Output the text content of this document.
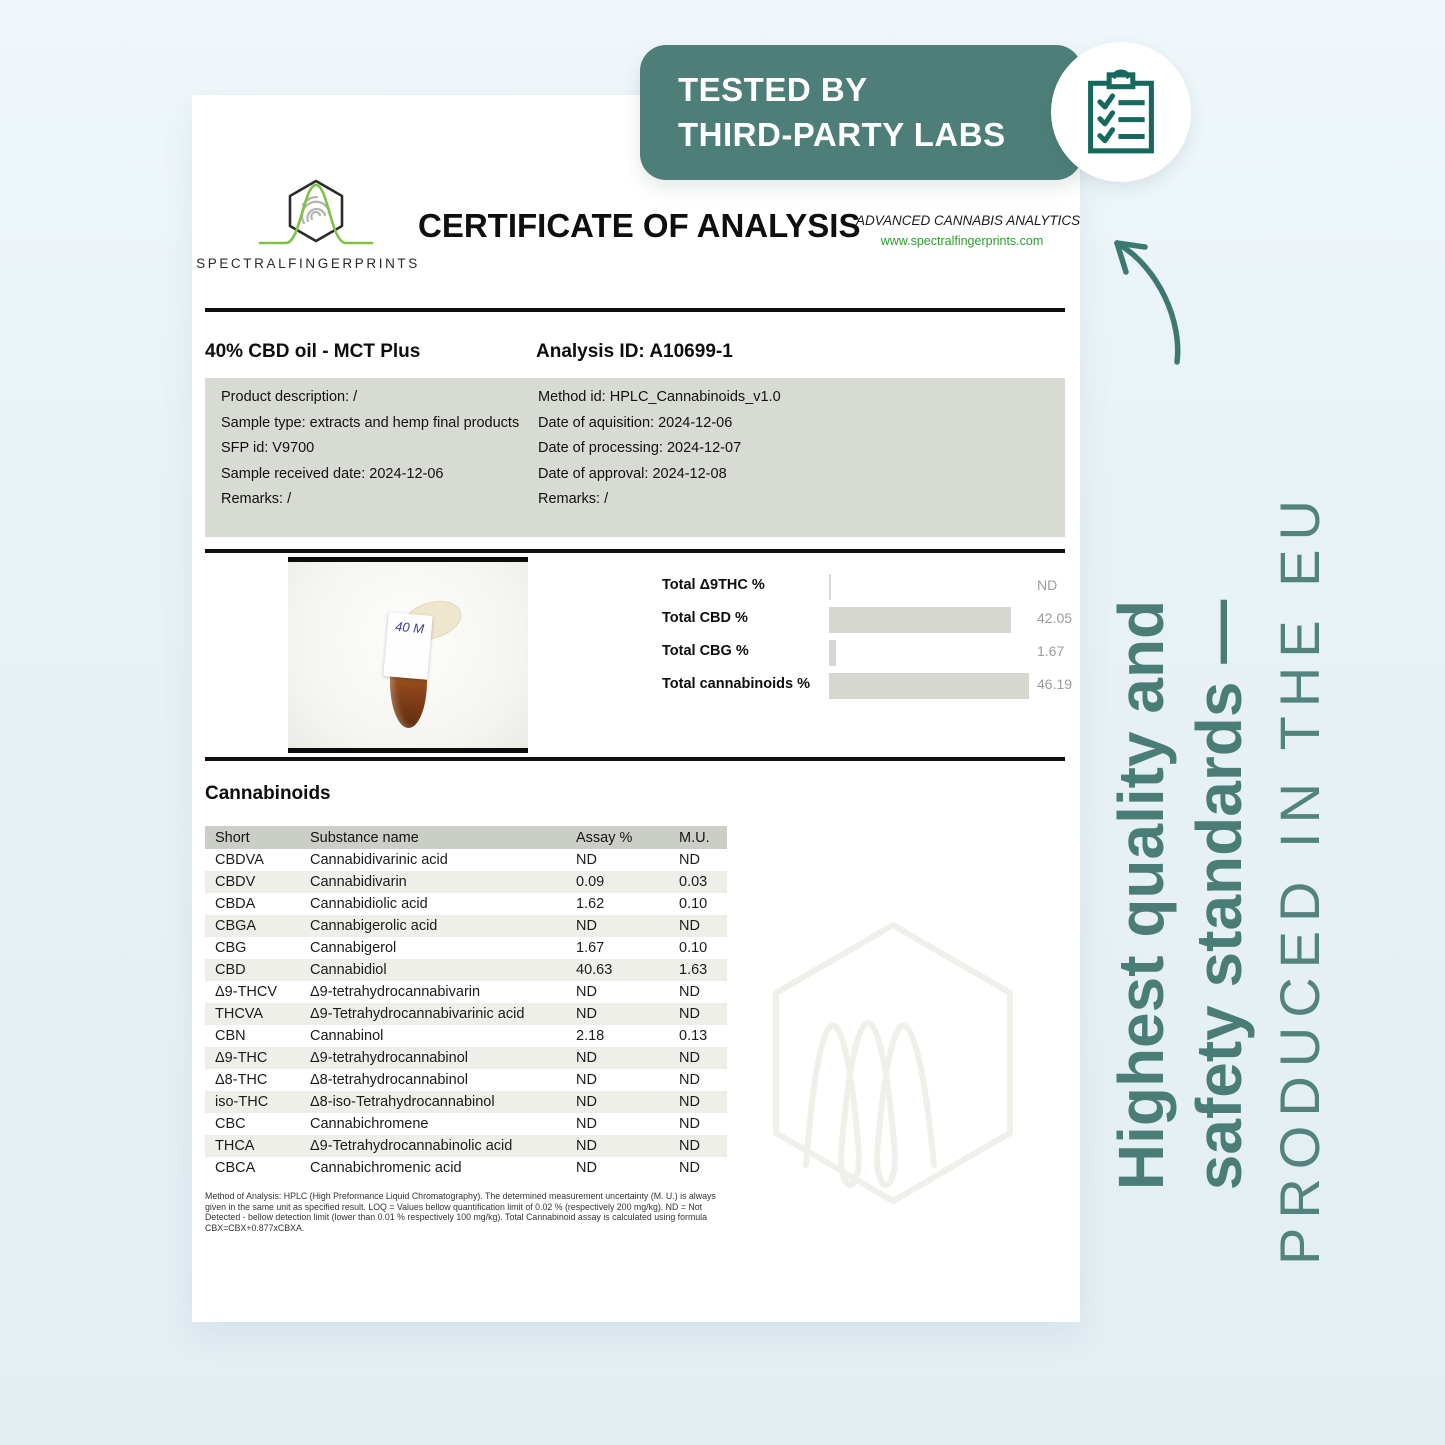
SPECTRALFINGERPRINTS
CERTIFICATE OF ANALYSIS
ADVANCED CANNABIS ANALYTICS
www.spectralfingerprints.com
40% CBD oil - MCT Plus	Analysis ID: A10699-1

Product description: /

Sample type: extracts and hemp final products

SFP id: V9700

Sample received date: 2024-12-06

Remarks: /

Method id: HPLC_Cannabinoids_v1.0

Date of aquisition: 2024-12-06

Date of processing: 2024-12-07

Date of approval: 2024-12-08

Remarks: /

40 M
Total Δ9THC %	ND
Total CBD %	42.05
Total CBG %	1.67
Total cannabinoids %	46.19
Cannabinoids
Short	Substance name	Assay %	M.U.
CBDVA	Cannabidivarinic acid	ND	ND
CBDV	Cannabidivarin	0.09	0.03
CBDA	Cannabidiolic acid	1.62	0.10
CBGA	Cannabigerolic acid	ND	ND
CBG	Cannabigerol	1.67	0.10
CBD	Cannabidiol	40.63	1.63
Δ9-THCV	Δ9-tetrahydrocannabivarin	ND	ND
THCVA	Δ9-Tetrahydrocannabivarinic acid	ND	ND
CBN	Cannabinol	2.18	0.13
Δ9-THC	Δ9-tetrahydrocannabinol	ND	ND
Δ8-THC	Δ8-tetrahydrocannabinol	ND	ND
iso-THC	Δ8-iso-Tetrahydrocannabinol	ND	ND
CBC	Cannabichromene	ND	ND
THCA	Δ9-Tetrahydrocannabinolic acid	ND	ND
CBCA	Cannabichromenic acid	ND	ND
Method of Analysis: HPLC (High Preformance Liquid Chromatography). The determined measurement uncertainty (M. U.) is always given in the same unit as specified result. LOQ = Values bellow quantification limit of 0.02 % (respectively 200 mg/kg). ND = Not Detected - bellow detection limit (lower than 0.01 % respectively 100 mg/kg). Total Cannabinoid assay is calculated using formula CBX=CBX+0.877xCBXA.
TESTED BY
THIRD-PARTY LABS
Highest quality and safety standards — PRODUCED IN THE EU
